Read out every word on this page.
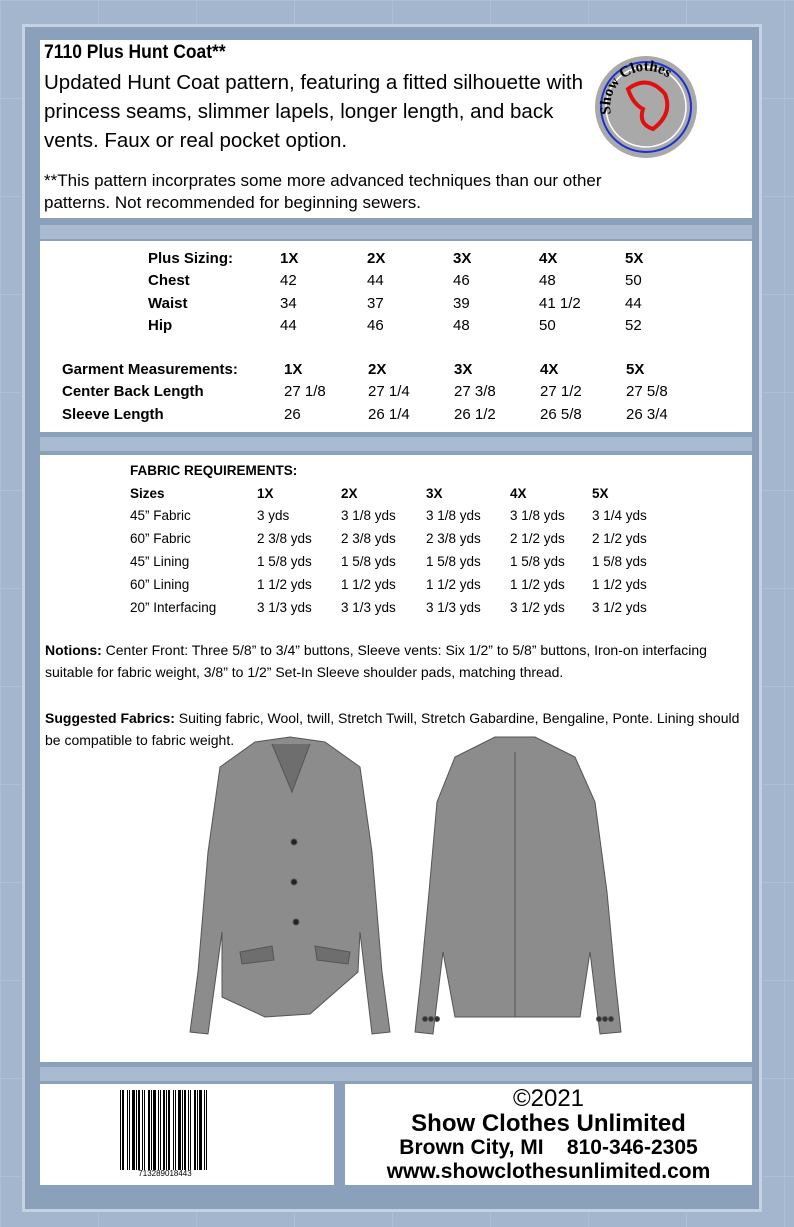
7110 Plus Hunt Coat**
Updated Hunt Coat pattern, featuring a fitted silhouette with princess seams, slimmer lapels, longer length, and back vents. Faux or real pocket option.
**This pattern incorprates some more advanced techniques than our other patterns. Not recommended for beginning sewers.
Show Clothes
Plus Sizing:	1X	2X	3X	4X	5X
Chest	42	44	46	48	50
Waist	34	37	39	41 1/2	44
Hip	44	46	48	50	52
Garment Measurements:	1X	2X	3X	4X	5X
Center Back Length	27 1/8	27 1/4	27 3/8	27 1/2	27 5/8
Sleeve Length	26	26 1/4	26 1/2	26 5/8	26 3/4
FABRIC REQUIREMENTS:					
Sizes	1X	2X	3X	4X	5X
45” Fabric	3 yds	3 1/8 yds	3 1/8 yds	3 1/8 yds	3 1/4 yds
60” Fabric	2 3/8 yds	2 3/8 yds	2 3/8 yds	2 1/2 yds	2 1/2 yds
45” Lining	1 5/8 yds	1 5/8 yds	1 5/8 yds	1 5/8 yds	1 5/8 yds
60” Lining	1 1/2 yds	1 1/2 yds	1 1/2 yds	1 1/2 yds	1 1/2 yds
20” Interfacing	3 1/3 yds	3 1/3 yds	3 1/3 yds	3 1/2 yds	3 1/2 yds
Notions: Center Front: Three 5/8” to 3/4” buttons, Sleeve vents: Six 1/2” to 5/8” buttons, Iron-on interfacing suitable for fabric weight, 3/8” to 1/2” Set-In Sleeve shoulder pads, matching thread.
Suggested Fabrics: Suiting fabric, Wool, twill, Stretch Twill, Stretch Gabardine, Bengaline, Ponte. Lining should be compatible to fabric weight.
713289018443
©2021
Show Clothes Unlimited
Brown City, MI 810-346-2305
www.showclothesunlimited.com
